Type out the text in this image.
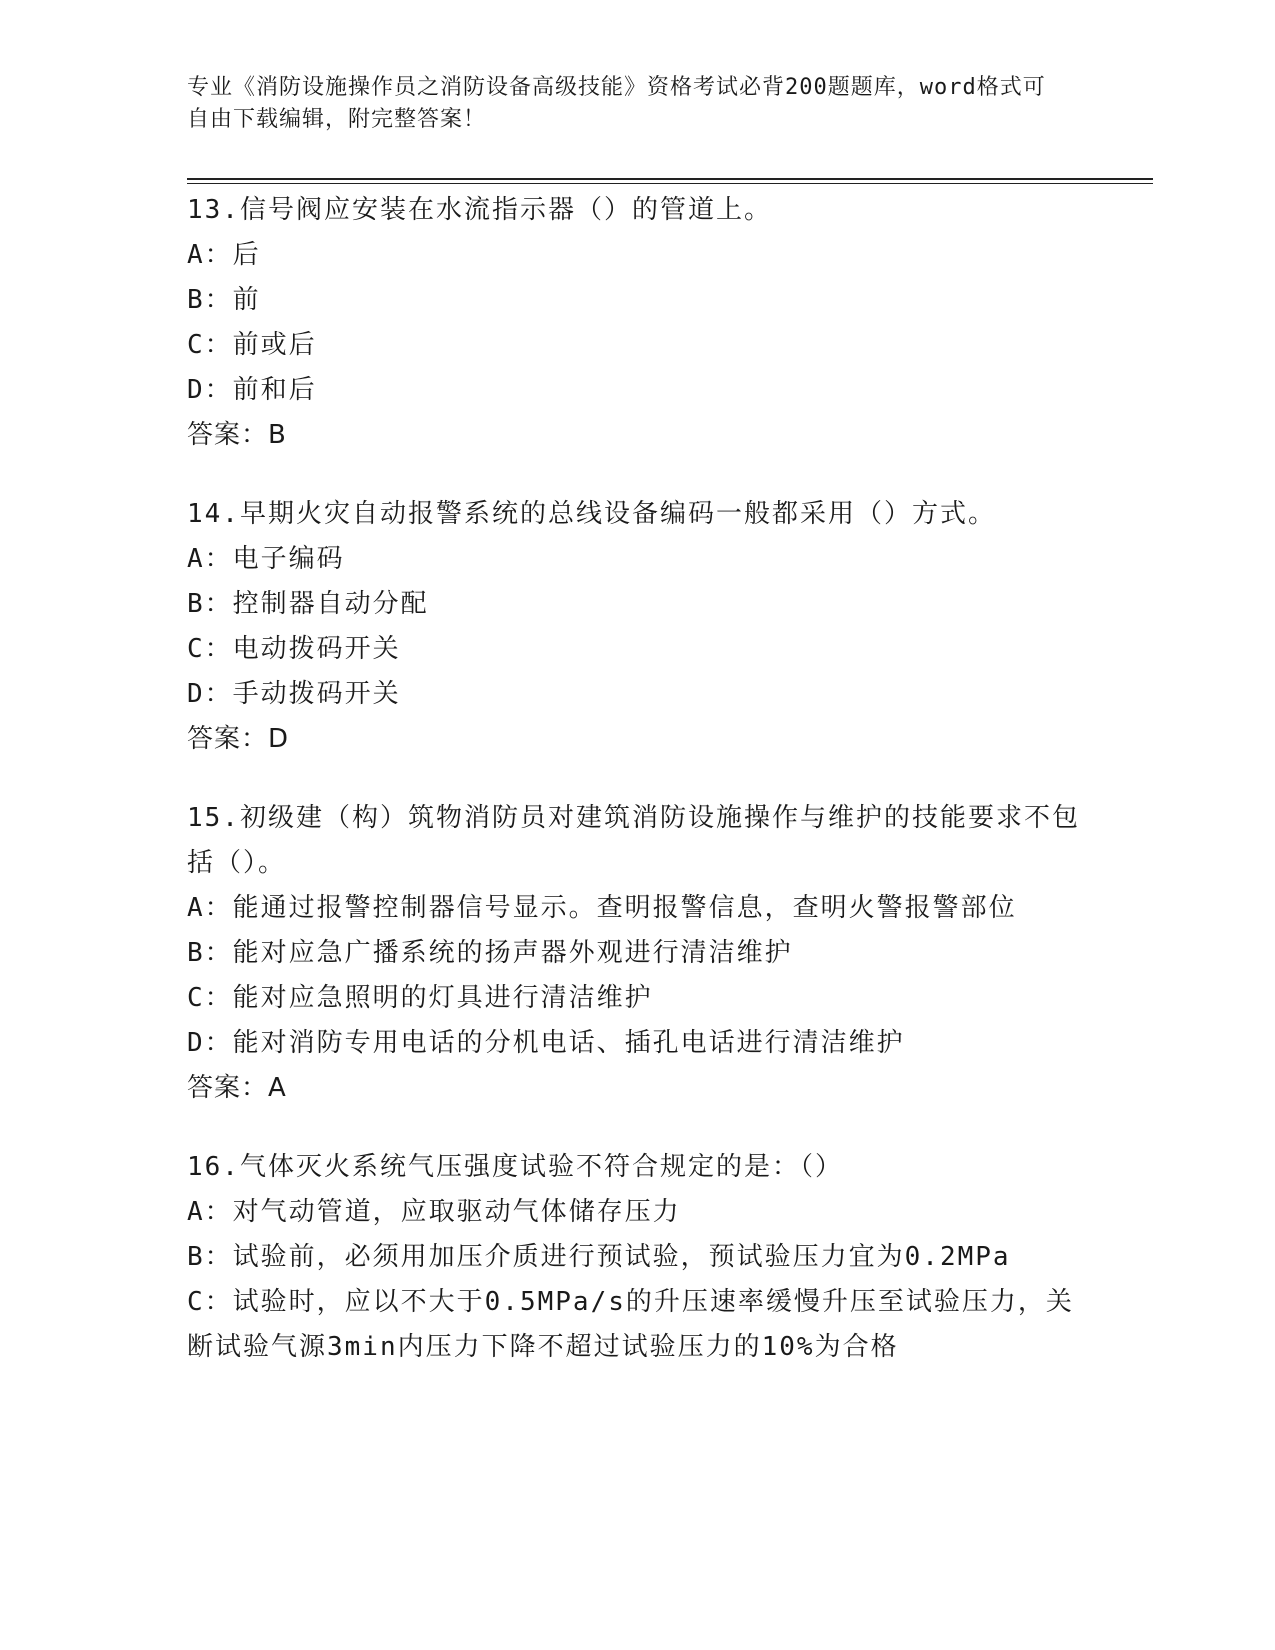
专业《消防设施操作员之消防设备高级技能》资格考试必背200题题库，word格式可自由下载编辑，附完整答案！
13.信号阀应安装在水流指示器（）的管道上。
A：后
B：前
C：前或后
D：前和后
答案：B
14.早期火灾自动报警系统的总线设备编码一般都采用（）方式。
A：电子编码
B：控制器自动分配
C：电动拨码开关
D：手动拨码开关
答案：D
15.初级建（构）筑物消防员对建筑消防设施操作与维护的技能要求不包括（）。
A：能通过报警控制器信号显示。查明报警信息，查明火警报警部位
B：能对应急广播系统的扬声器外观进行清洁维护
C：能对应急照明的灯具进行清洁维护
D：能对消防专用电话的分机电话、插孔电话进行清洁维护
答案：A
16.气体灭火系统气压强度试验不符合规定的是：（）
A：对气动管道，应取驱动气体储存压力
B：试验前，必须用加压介质进行预试验，预试验压力宜为0.2MPa
C：试验时，应以不大于0.5MPa/s的升压速率缓慢升压至试验压力，关断试验气源3min内压力下降不超过试验压力的10%为合格
